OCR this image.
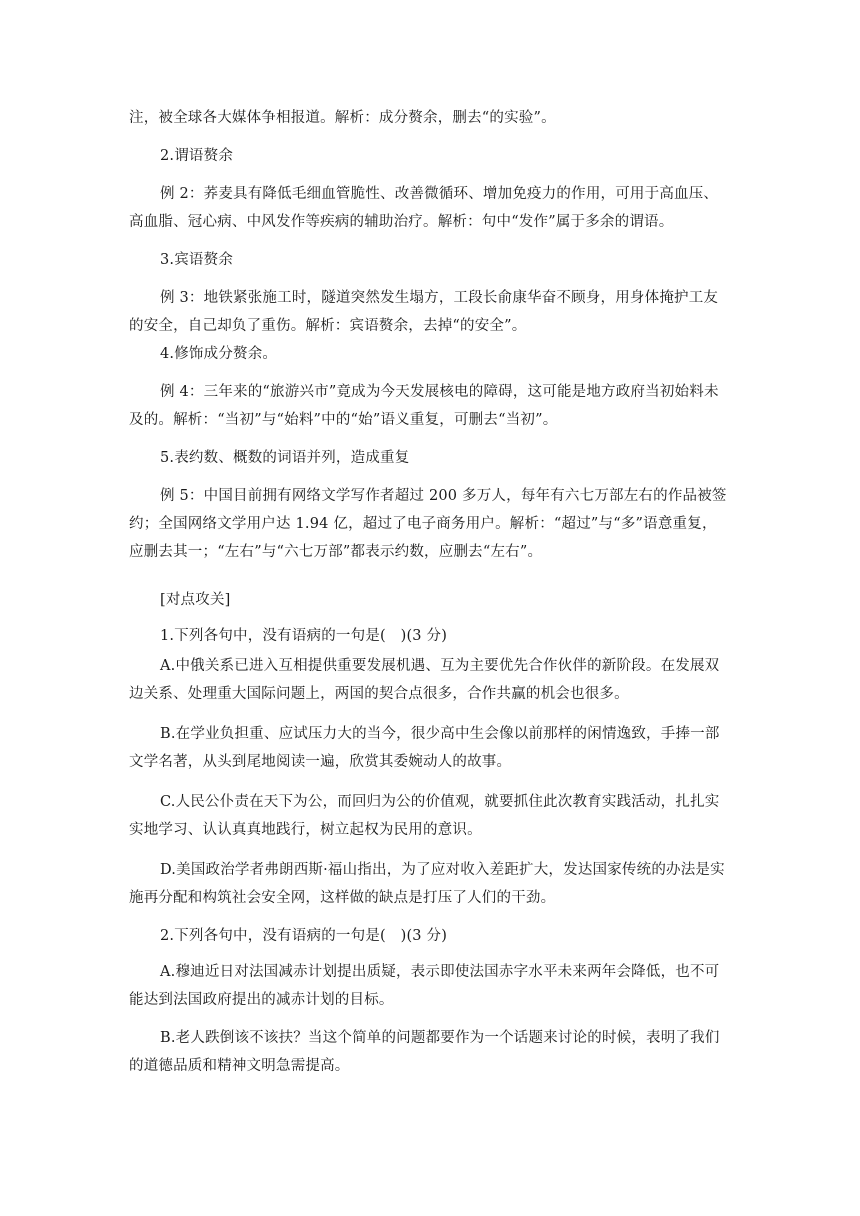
注，被全球各大媒体争相报道。解析：成分赘余，删去“的实验”。

2.谓语赘余

例 2：荞麦具有降低毛细血管脆性、改善微循环、增加免疫力的作用，可用于高血压、高血脂、冠心病、中风发作等疾病的辅助治疗。解析：句中“发作”属于多余的谓语。

3.宾语赘余

例 3：地铁紧张施工时，隧道突然发生塌方，工段长俞康华奋不顾身，用身体掩护工友的安全，自己却负了重伤。解析：宾语赘余，去掉“的安全”。

4.修饰成分赘余。

例 4：三年来的“旅游兴市”竟成为今天发展核电的障碍，这可能是地方政府当初始料未及的。解析：“当初”与“始料”中的“始”语义重复，可删去“当初”。

5.表约数、概数的词语并列，造成重复

例 5：中国目前拥有网络文学写作者超过 200 多万人，每年有六七万部左右的作品被签约；全国网络文学用户达 1.94 亿，超过了电子商务用户。解析：“超过”与“多”语意重复，应删去其一；“左右”与“六七万部”都表示约数，应删去“左右”。

[对点攻关]

1.下列各句中，没有语病的一句是(　)(3 分)

A.中俄关系已进入互相提供重要发展机遇、互为主要优先合作伙伴的新阶段。在发展双边关系、处理重大国际问题上，两国的契合点很多，合作共赢的机会也很多。

B.在学业负担重、应试压力大的当今，很少高中生会像以前那样的闲情逸致，手捧一部文学名著，从头到尾地阅读一遍，欣赏其委婉动人的故事。

C.人民公仆责在天下为公，而回归为公的价值观，就要抓住此次教育实践活动，扎扎实实地学习、认认真真地践行，树立起权为民用的意识。

D.美国政治学者弗朗西斯·福山指出，为了应对收入差距扩大，发达国家传统的办法是实施再分配和构筑社会安全网，这样做的缺点是打压了人们的干劲。

2.下列各句中，没有语病的一句是(　)(3 分)

A.穆迪近日对法国减赤计划提出质疑，表示即使法国赤字水平未来两年会降低，也不可能达到法国政府提出的减赤计划的目标。

B.老人跌倒该不该扶？当这个简单的问题都要作为一个话题来讨论的时候，表明了我们的道德品质和精神文明急需提高。
